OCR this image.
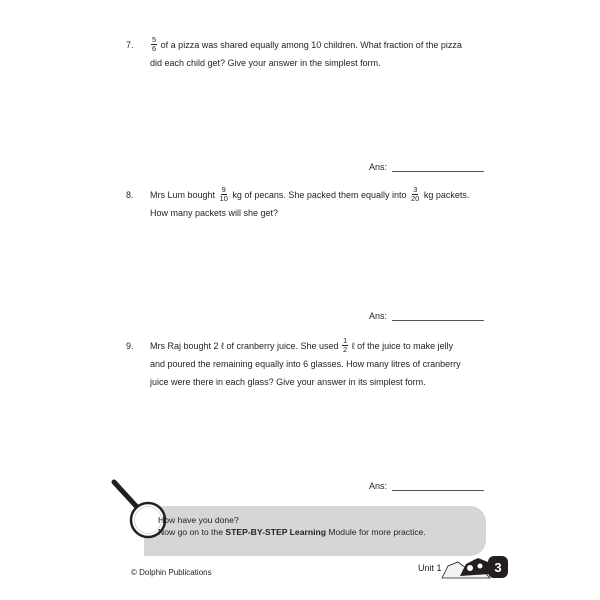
7.	$\frac{5}{6}$ of a pizza was shared equally among 10 children. What fraction of the pizza
did each child get? Give your answer in the simplest form.
Ans:
8.	Mrs Lum bought $\frac{9}{10}$ kg of pecans. She packed them equally into $\frac{3}{20}$ kg packets.
How many packets will she get?
Ans:
9.	Mrs Raj bought 2 ℓ of cranberry juice. She used $\frac{1}{2}$ ℓ of the juice to make jelly
and poured the remaining equally into 6 glasses. How many litres of cranberry
juice were there in each glass? Give your answer in its simplest form.
Ans:
How have you done?
Now go on to the STEP-BY-STEP Learning Module for more practice.
© Dolphin Publications	Unit 1	3
